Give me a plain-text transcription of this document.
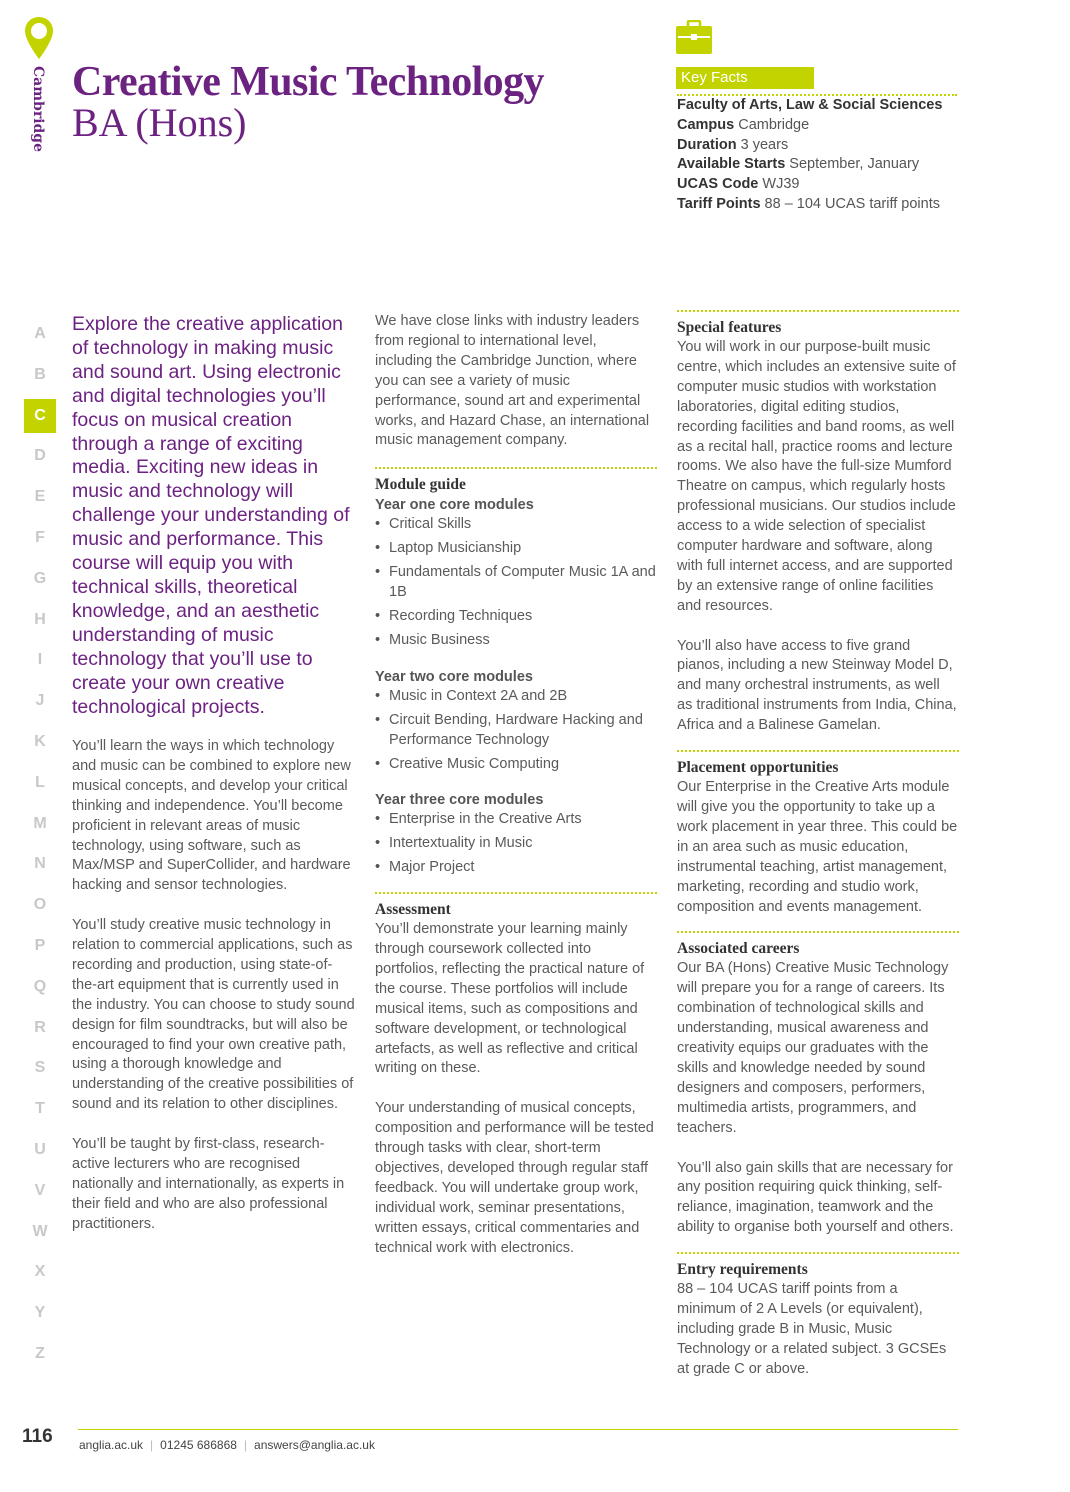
Cambridge Creative Music Technology
BA (Hons)
Key Facts
Faculty of Arts, Law & Social Sciences
Campus Cambridge
Duration 3 years
Available Starts September, January
UCAS Code WJ39
Tariff Points 88 – 104 UCAS tariff points
A
B
C
D
E
F
G
H
I
J
K
L
M
N
O
P
Q
R
S
T
U
V
W
X
Y
Z

Explore the creative application of technology in making music and sound art. Using electronic and digital technologies you’ll focus on musical creation through a range of exciting media. Exciting new ideas in music and technology will challenge your understanding of music and performance. This course will equip you with technical skills, theoretical knowledge, and an aesthetic understanding of music technology that you’ll use to create your own creative technological projects.

You’ll learn the ways in which technology and music can be combined to explore new musical concepts, and develop your critical thinking and independence. You’ll become proficient in relevant areas of music technology, using software, such as Max/MSP and SuperCollider, and hardware hacking and sensor technologies.

You’ll study creative music technology in relation to commercial applications, such as recording and production, using state-of-the-art equipment that is currently used in the industry. You can choose to study sound design for film soundtracks, but will also be encouraged to find your own creative path, using a thorough knowledge and understanding of the creative possibilities of sound and its relation to other disciplines.

You’ll be taught by first-class, research-active lecturers who are recognised nationally and internationally, as experts in their field and who are also professional practitioners.

We have close links with industry leaders from regional to international level, including the Cambridge Junction, where you can see a variety of music performance, sound art and experimental works, and Hazard Chase, an international music management company.

Module guide
Year one core modules
• Critical Skills
• Laptop Musicianship
• Fundamentals of Computer Music 1A and 1B
• Recording Techniques
• Music Business
Year two core modules
• Music in Context 2A and 2B
• Circuit Bending, Hardware Hacking and Performance Technology
• Creative Music Computing
Year three core modules
• Enterprise in the Creative Arts
• Intertextuality in Music
• Major Project
Assessment

You’ll demonstrate your learning mainly through coursework collected into portfolios, reflecting the practical nature of the course. These portfolios will include musical items, such as compositions and software development, or technological artefacts, as well as reflective and critical writing on these.

Your understanding of musical concepts, composition and performance will be tested through tasks with clear, short-term objectives, developed through regular staff feedback. You will undertake group work, individual work, seminar presentations, written essays, critical commentaries and technical work with electronics.

Special features

You will work in our purpose-built music centre, which includes an extensive suite of computer music studios with workstation laboratories, digital editing studios, recording facilities and band rooms, as well as a recital hall, practice rooms and lecture rooms. We also have the full-size Mumford Theatre on campus, which regularly hosts professional musicians. Our studios include access to a wide selection of specialist computer hardware and software, along with full internet access, and are supported by an extensive range of online facilities and resources.

You’ll also have access to five grand pianos, including a new Steinway Model D, and many orchestral instruments, as well as traditional instruments from India, China, Africa and a Balinese Gamelan.

Placement opportunities

Our Enterprise in the Creative Arts module will give you the opportunity to take up a work placement in year three. This could be in an area such as music education, instrumental teaching, artist management, marketing, recording and studio work, composition and events management.

Associated careers

Our BA (Hons) Creative Music Technology will prepare you for a range of careers. Its combination of technological skills and understanding, musical awareness and creativity equips our graduates with the skills and knowledge needed by sound designers and composers, performers, multimedia artists, programmers, and teachers.

You’ll also gain skills that are necessary for any position requiring quick thinking, self-reliance, imagination, teamwork and the ability to organise both yourself and others.

Entry requirements

88 – 104 UCAS tariff points from a minimum of 2 A Levels (or equivalent), including grade B in Music, Music Technology or a related subject. 3 GCSEs at grade C or above.

116 anglia.ac.uk | 01245 686868 | answers@anglia.ac.uk
